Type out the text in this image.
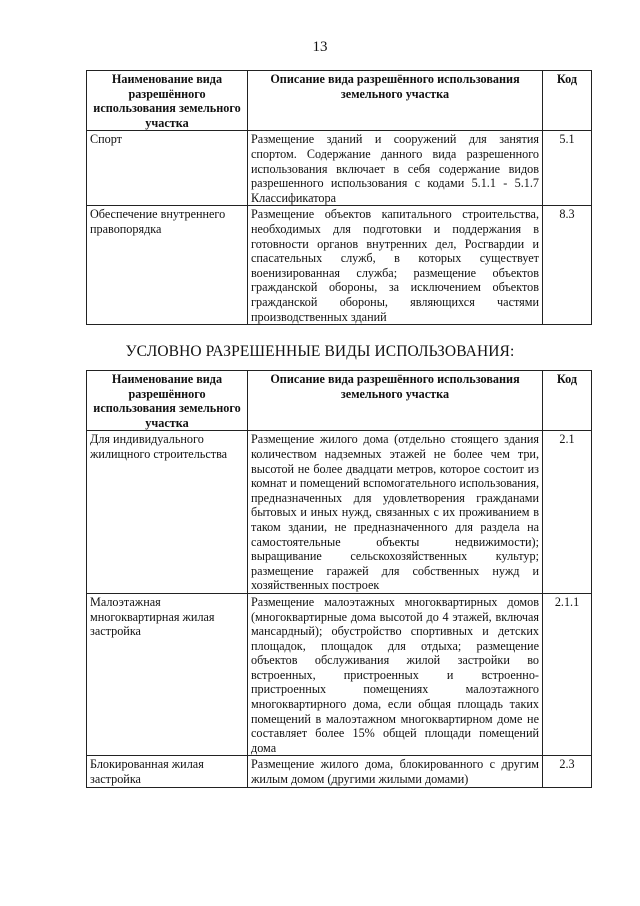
13
Наименование вида разрешённого использования земельного участка	Описание вида разрешённого использования земельного участка	Код
Спорт	Размещение зданий и сооружений для занятия спортом. Содержание данного вида разрешенного использования включает в себя содержание видов разрешенного использования с кодами 5.1.1 - 5.1.7 Классификатора	5.1
Обеспечение внутреннего правопорядка	Размещение объектов капитального строительства, необходимых для подготовки и поддержания в готовности органов внутренних дел, Росгвардии и спасательных служб, в которых существует военизированная служба; размещение объектов гражданской обороны, за исключением объектов гражданской обороны, являющихся частями производственных зданий	8.3
УСЛОВНО РАЗРЕШЕННЫЕ ВИДЫ ИСПОЛЬЗОВАНИЯ:
Наименование вида разрешённого использования земельного участка	Описание вида разрешённого использования земельного участка	Код
Для индивидуального жилищного строительства	Размещение жилого дома (отдельно стоящего здания количеством надземных этажей не более чем три, высотой не более двадцати метров, которое состоит из комнат и помещений вспомогательного использования, предназначенных для удовлетворения гражданами бытовых и иных нужд, связанных с их проживанием в таком здании, не предназначенного для раздела на самостоятельные объекты недвижимости); выращивание сельскохозяйственных культур; размещение гаражей для собственных нужд и хозяйственных построек	2.1
Малоэтажная многоквартирная жилая застройка	Размещение малоэтажных многоквартирных домов (многоквартирные дома высотой до 4 этажей, включая мансардный); обустройство спортивных и детских площадок, площадок для отдыха; размещение объектов обслуживания жилой застройки во встроенных, пристроенных и встроенно-пристроенных помещениях малоэтажного многоквартирного дома, если общая площадь таких помещений в малоэтажном многоквартирном доме не составляет более 15% общей площади помещений дома	2.1.1
Блокированная жилая застройка	Размещение жилого дома, блокированного с другим жилым домом (другими жилыми домами)	2.3
